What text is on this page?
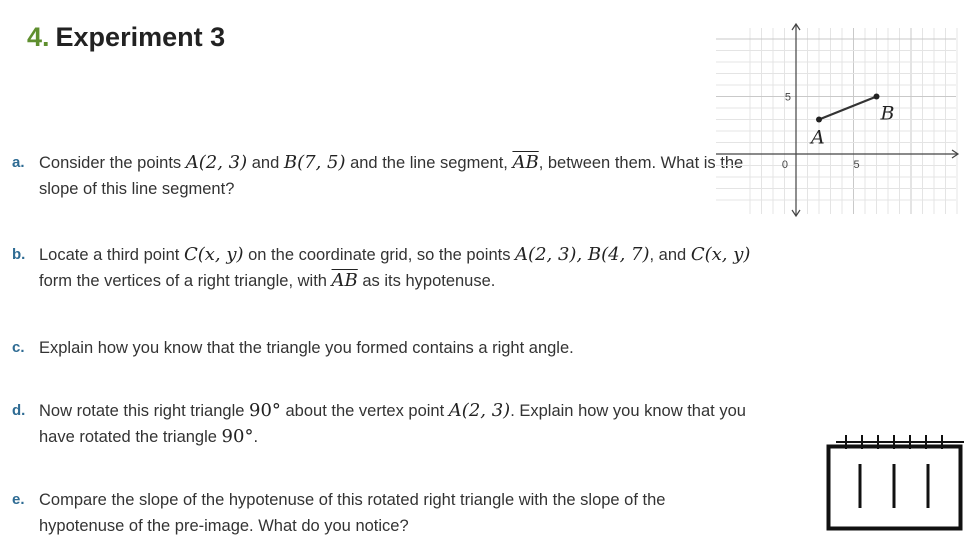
4. Experiment 3
a. Consider the points A(2, 3) and B(7, 5) and the line segment, $\overline{AB}$, between them. What is the slope of this line segment?
b. Locate a third point C(x, y) on the coordinate grid, so the points A(2, 3), B(4, 7), and C(x, y) form the vertices of a right triangle, with $\overline{AB}$ as its hypotenuse.
c. Explain how you know that the triangle you formed contains a right angle.
d. Now rotate this right triangle 90° about the vertex point A(2, 3). Explain how you know that you have rotated the triangle 90°.
e. Compare the slope of the hypotenuse of this rotated right triangle with the slope of the hypotenuse of the pre-image. What do you notice?
A
B
5
5
0
